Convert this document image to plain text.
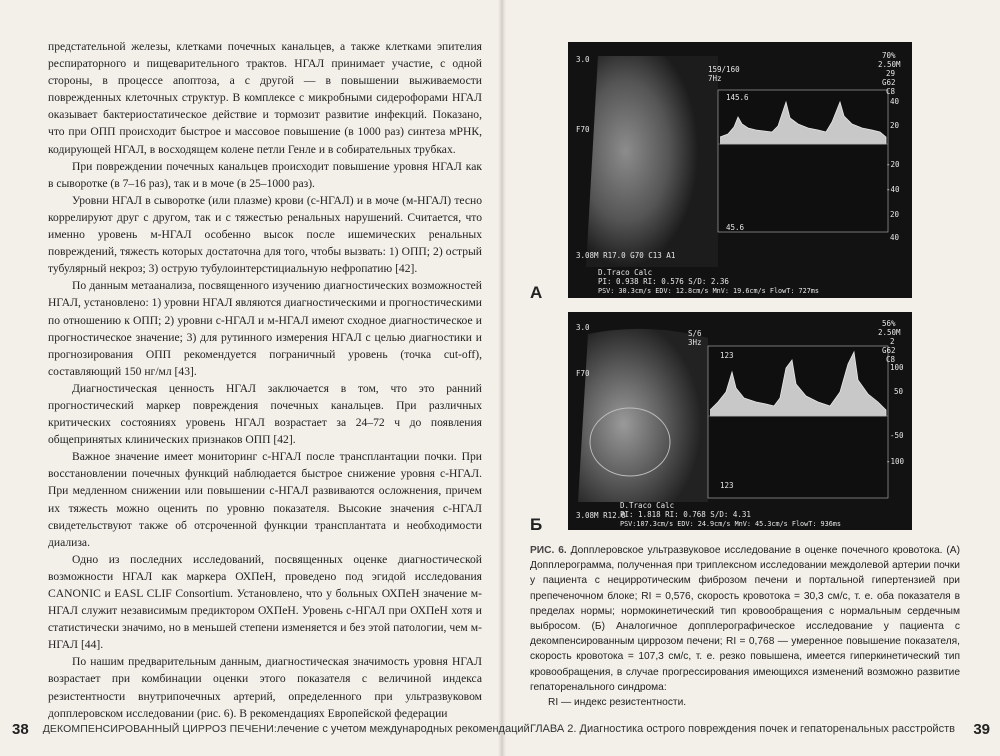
предстательной железы, клетками почечных канальцев, а также клетками эпителия респираторного и пищеварительного трактов. НГАЛ принимает участие, с одной стороны, в процессе апоптоза, а с другой — в повышении выживаемости поврежденных клеточных структур. В комплексе с микробными сидерофорами НГАЛ оказывает бактериостатическое действие и тормозит развитие инфекций. Показано, что при ОПП происходит быстрое и массовое повышение (в 1000 раз) синтеза мРНК, кодирующей НГАЛ, в восходящем колене петли Генле и в собирательных трубках.

При повреждении почечных канальцев происходит повышение уровня НГАЛ как в сыворотке (в 7–16 раз), так и в моче (в 25–1000 раз).

Уровни НГАЛ в сыворотке (или плазме) крови (с-НГАЛ) и в моче (м-НГАЛ) тесно коррелируют друг с другом, так и с тяжестью ренальных нарушений. Считается, что именно уровень м-НГАЛ особенно высок после ишемических ренальных повреждений, тяжесть которых достаточна для того, чтобы вызвать: 1) ОПП; 2) острый тубулярный некроз; 3) острую тубулоинтерстициальную нефропатию [42].

По данным метаанализа, посвященного изучению диагностических возможностей НГАЛ, установлено: 1) уровни НГАЛ являются диагностическими и прогностическими по отношению к ОПП; 2) уровни с-НГАЛ и м-НГАЛ имеют сходное диагностическое и прогностическое значение; 3) для рутинного измерения НГАЛ с целью диагностики и прогнозирования ОПП рекомендуется пограничный уровень (точка cut-off), составляющий 150 нг/мл [43].

Диагностическая ценность НГАЛ заключается в том, что это ранний прогностический маркер повреждения почечных канальцев. При различных критических состояниях уровень НГАЛ возрастает за 24–72 ч до появления общепринятых клинических признаков ОПП [42].

Важное значение имеет мониторинг с-НГАЛ после трансплантации почки. При восстановлении почечных функций наблюдается быстрое снижение уровня с-НГАЛ. При медленном снижении или повышении с-НГАЛ развиваются осложнения, причем их тяжесть можно оценить по уровню показателя. Высокие значения с-НГАЛ свидетельствуют также об отсроченной функции трансплантата и необходимости диализа.

Одно из последних исследований, посвященных оценке диагностической возможности НГАЛ как маркера ОХПеН, проведено под эгидой исследования CANONIC и EASL CLIF Consortium. Установлено, что у больных ОХПеН значение м-НГАЛ служит независимым предиктором ОХПеН. Уровень с-НГАЛ при ОХПеН хотя и статистически значимо, но в меньшей степени изменяется и без этой патологии, чем м-НГАЛ [44].

По нашим предварительным данным, диагностическая значимость уровня НГАЛ возрастает при комбинации оценки этого показателя с величиной индекса резистентности внутрипочечных артерий, определенного при ультразвуковом допплеровском исследовании (рис. 6). В рекомендациях Европейской федерации

38 ДЕКОМПЕНСИРОВАННЫЙ ЦИРРОЗ ПЕЧЕНИ: лечение с учетом международных рекомендаций
А
Б
3.0
159/160
7Hz
70%
2.50M
29
G62
C8
F70
145.6
45.6
40
20
-20
-40
20
40
3.08M R17.0 G70 C13 A1
D.Traco Calc
PI: 0.938 RI: 0.576 S/D: 2.36
PSV: 30.3cm/s EDV: 12.8cm/s MnV: 19.6cm/s FlowT: 727ms
3.0
S/6
3Hz
56%
2.50M
2
G62
C8
F70
123
123
100
50
-50
-100
3.08M R12.0
D.Traco Calc
PI: 1.818 RI: 0.768 S/D: 4.31
PSV:107.3cm/s EDV: 24.9cm/s MnV: 45.3cm/s FlowT: 936ms
РИС. 6. Допплеровское ультразвуковое исследование в оценке почечного кровотока. (А) Допплерограмма, полученная при триплексном исследовании междолевой артерии почки у пациента с нецирротическим фиброзом печени и портальной гипертензией при препеченочном блоке; RI = 0,576, скорость кровотока = 30,3 см/с, т. е. оба показателя в пределах нормы; нормокинетический тип кровообращения с нормальным сердечным выбросом. (Б) Аналогичное допплерографическое исследование у пациента с декомпенсированным циррозом печени; RI = 0,768 — умеренное повышение показателя, скорость кровотока = 107,3 см/с, т. е. резко повышена, имеется гиперкинетический тип кровообращения, в случае прогрессирования имеющихся изменений возможно развитие гепаторенального синдрома:
RI — индекс резистентности.
ГЛАВА 2. Диагностика острого повреждения почек и гепаторенальных расстройств 39
